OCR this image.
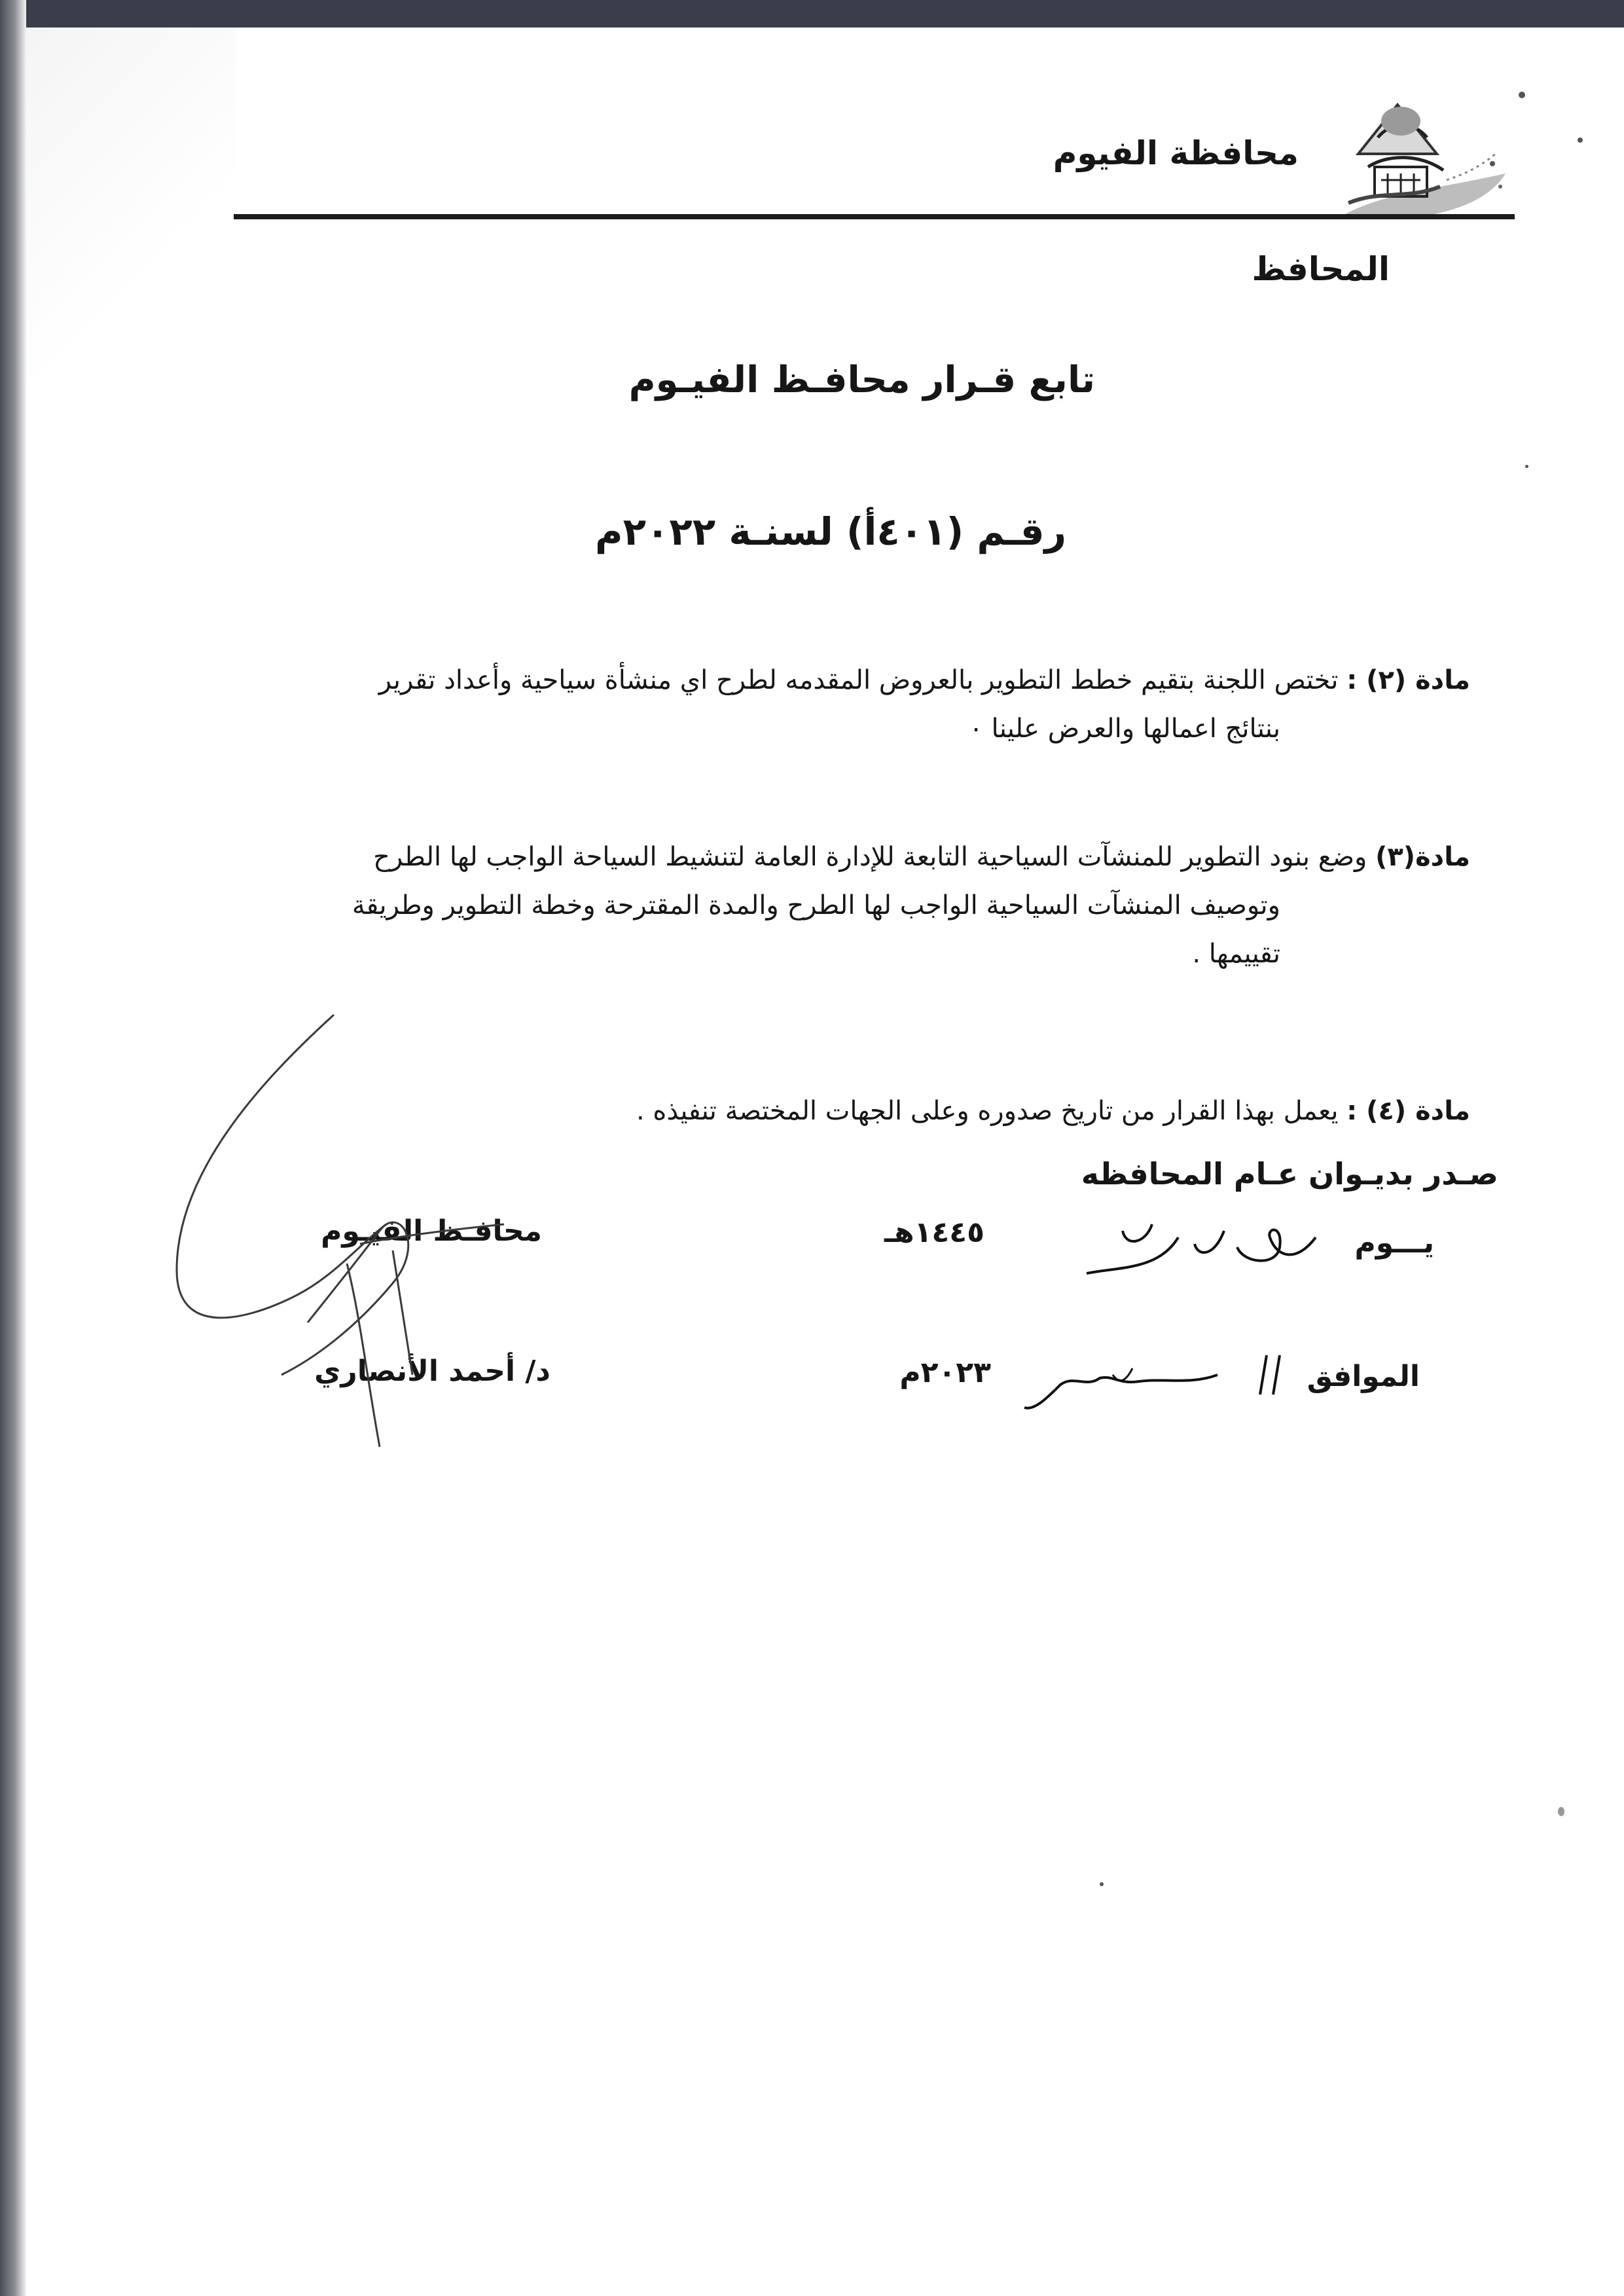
محافظة الفيوم
المحافظ
تابع قـرار محافـظ الفيـوم
رقـم (٤٠١أ) لسنـة ٢٠٢٢م
مادة (٢) : تختص اللجنة بتقيم خطط التطوير بالعروض المقدمه لطرح اي منشأة سياحية وأعداد تقرير
بنتائج اعمالها والعرض علينا ٠
مادة(٣) وضع بنود التطوير للمنشآت السياحية التابعة للإدارة العامة لتنشيط السياحة الواجب لها الطرح
وتوصيف المنشآت السياحية الواجب لها الطرح والمدة المقترحة وخطة التطوير وطريقة
تقييمها .
مادة (٤) : يعمل بهذا القرار من تاريخ صدوره وعلى الجهات المختصة تنفيذه .
صـدر بديـوان عـام المحافظه
يـــوم
١٤٤٥هـ
محافـظ الفيـوم
الموافق
٢٠٢٣م
د/ أحمد الأنصاري
